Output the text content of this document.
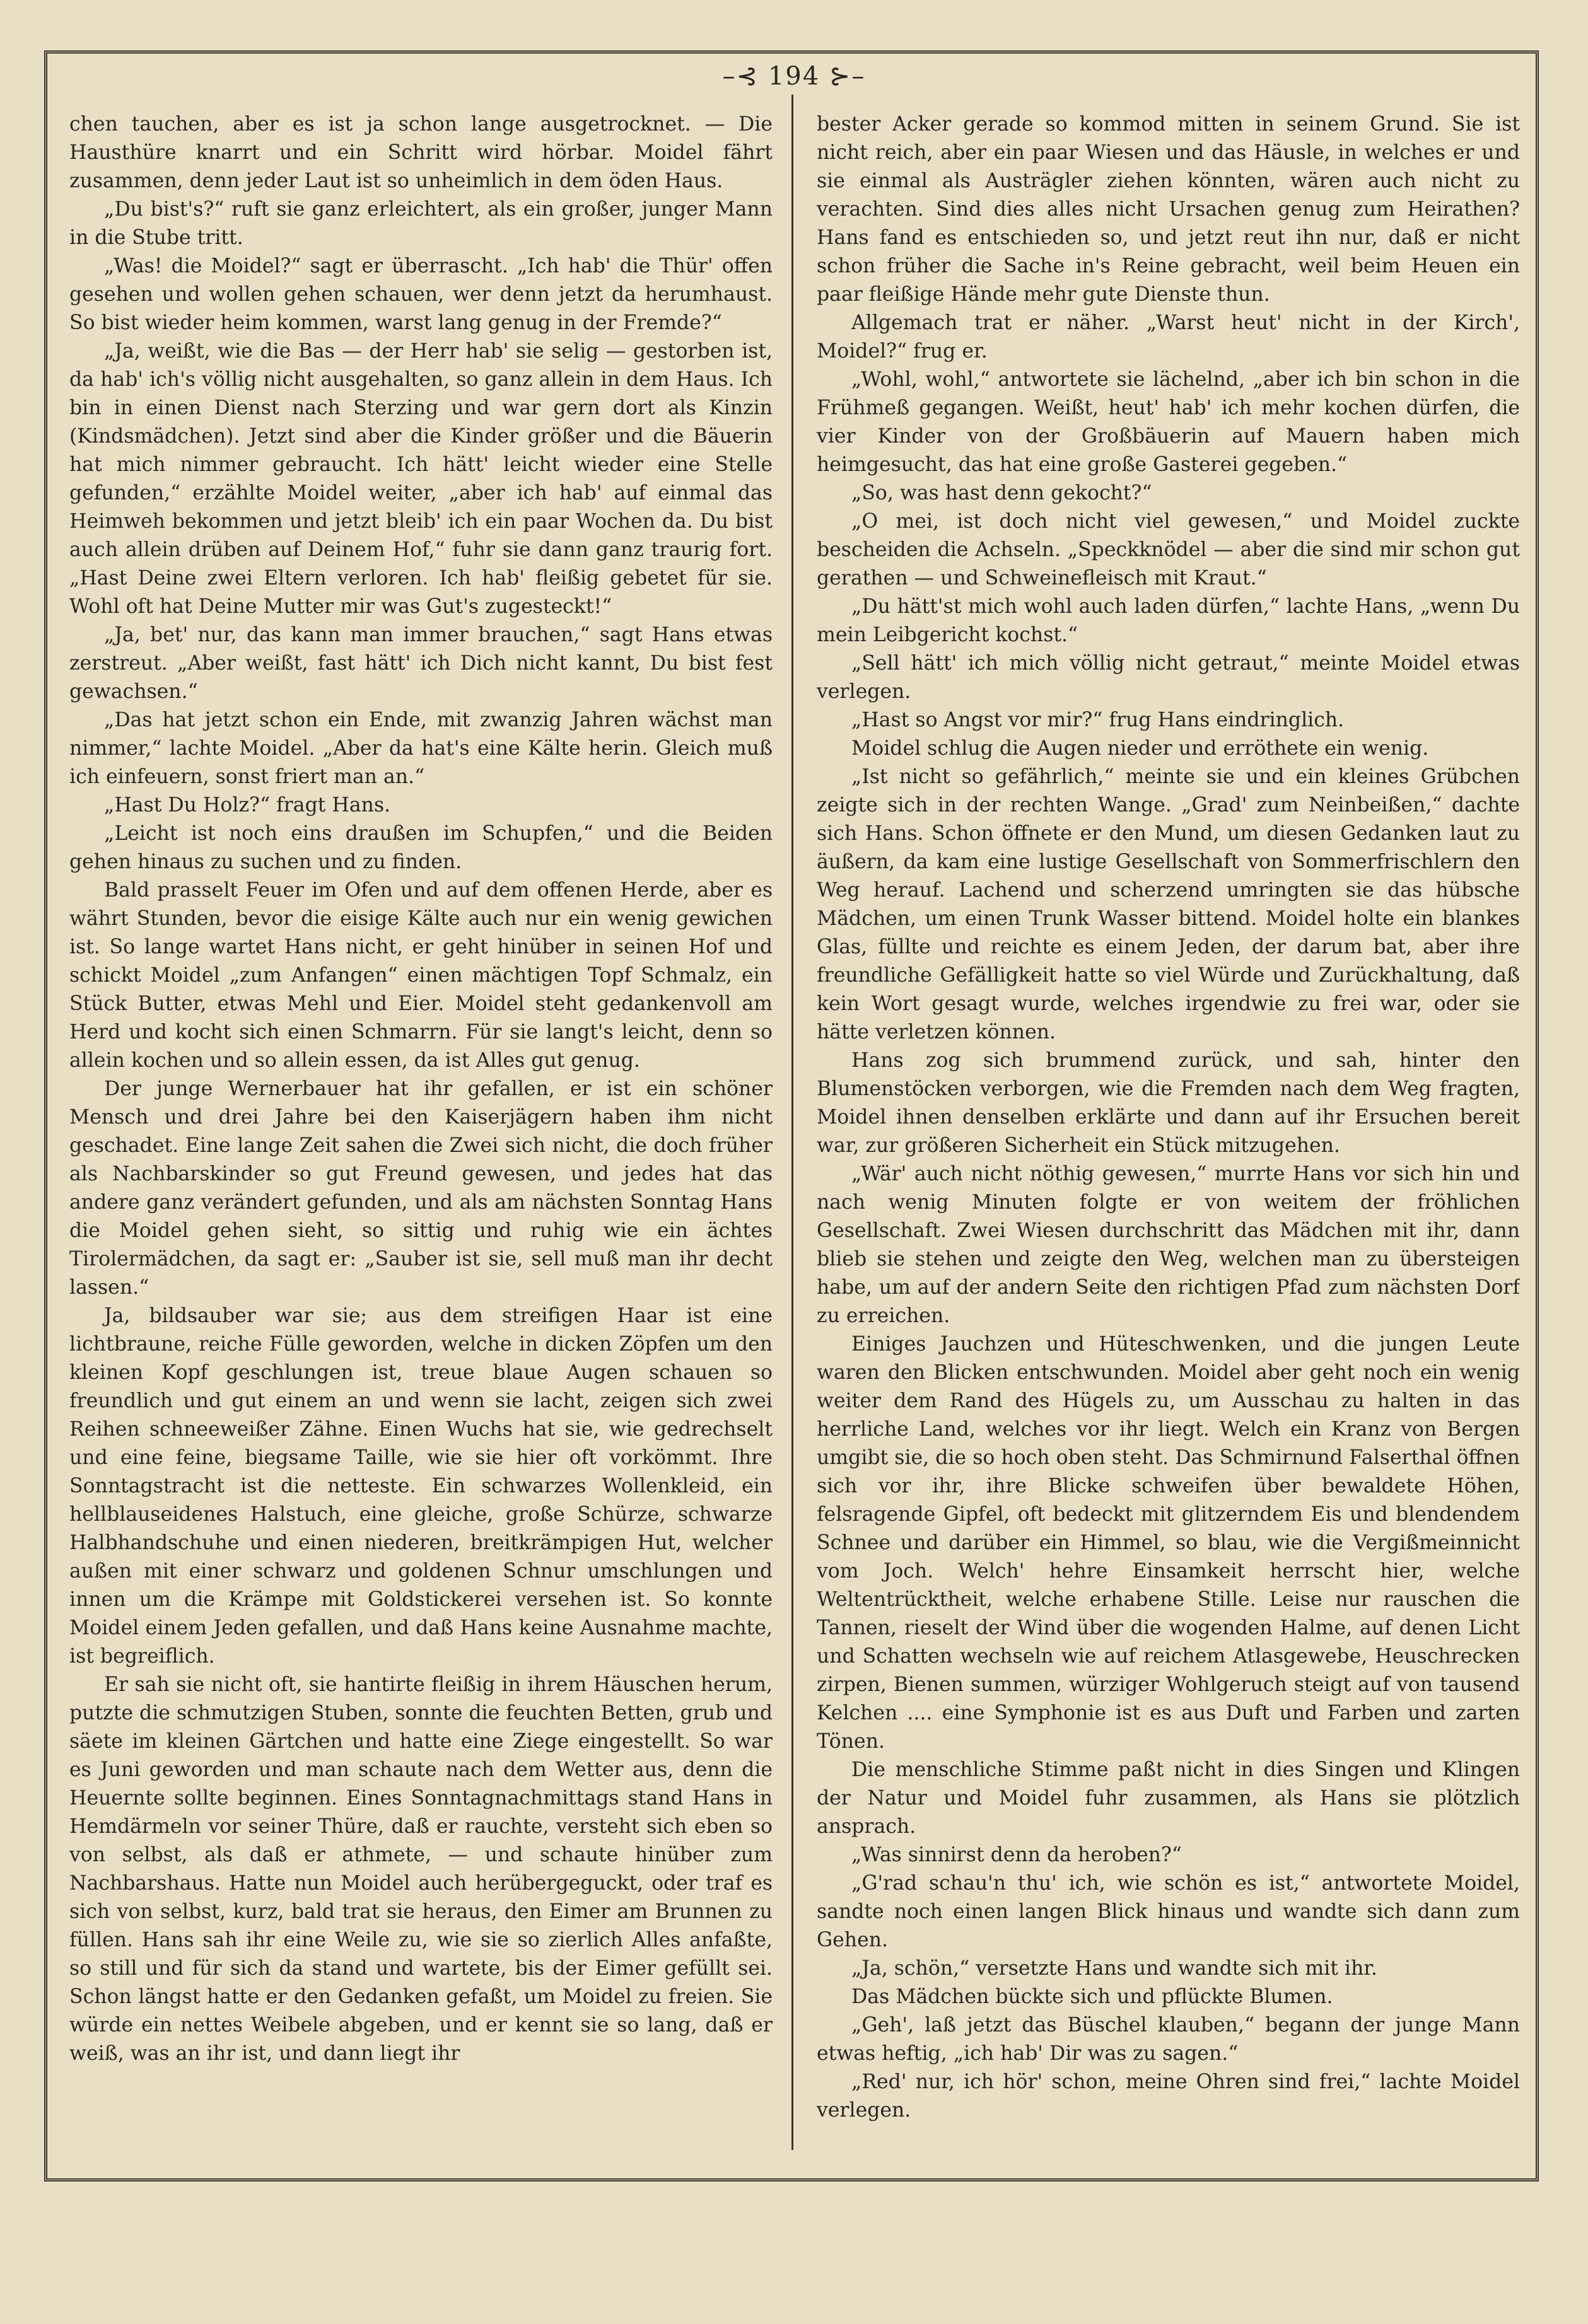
–⊰ 194 ⊱–

chen tauchen, aber es ist ja schon lange ausgetrocknet. — Die Hausthüre knarrt und ein Schritt wird hörbar. Moidel fährt zusammen, denn jeder Laut ist so unheimlich in dem öden Haus.

„Du bist's?“ ruft sie ganz erleichtert, als ein großer, junger Mann in die Stube tritt.

„Was! die Moidel?“ sagt er überrascht. „Ich hab' die Thür' offen gesehen und wollen gehen schauen, wer denn jetzt da herumhaust. So bist wieder heim kommen, warst lang genug in der Fremde?“

„Ja, weißt, wie die Bas — der Herr hab' sie selig — gestorben ist, da hab' ich's völlig nicht ausgehalten, so ganz allein in dem Haus. Ich bin in einen Dienst nach Sterzing und war gern dort als Kinzin (Kindsmädchen). Jetzt sind aber die Kinder größer und die Bäuerin hat mich nimmer gebraucht. Ich hätt' leicht wieder eine Stelle gefunden,“ erzählte Moidel weiter, „aber ich hab' auf einmal das Heimweh bekommen und jetzt bleib' ich ein paar Wochen da. Du bist auch allein drüben auf Deinem Hof,“ fuhr sie dann ganz traurig fort. „Hast Deine zwei Eltern verloren. Ich hab' fleißig gebetet für sie. Wohl oft hat Deine Mutter mir was Gut's zugesteckt!“

„Ja, bet' nur, das kann man immer brauchen,“ sagt Hans etwas zerstreut. „Aber weißt, fast hätt' ich Dich nicht kannt, Du bist fest gewachsen.“

„Das hat jetzt schon ein Ende, mit zwanzig Jahren wächst man nimmer,“ lachte Moidel. „Aber da hat's eine Kälte herin. Gleich muß ich einfeuern, sonst friert man an.“

„Hast Du Holz?“ fragt Hans.

„Leicht ist noch eins draußen im Schupfen,“ und die Beiden gehen hinaus zu suchen und zu finden.

Bald prasselt Feuer im Ofen und auf dem offenen Herde, aber es währt Stunden, bevor die eisige Kälte auch nur ein wenig gewichen ist. So lange wartet Hans nicht, er geht hinüber in seinen Hof und schickt Moidel „zum Anfangen“ einen mächtigen Topf Schmalz, ein Stück Butter, etwas Mehl und Eier. Moidel steht gedankenvoll am Herd und kocht sich einen Schmarrn. Für sie langt's leicht, denn so allein kochen und so allein essen, da ist Alles gut genug.

Der junge Wernerbauer hat ihr gefallen, er ist ein schöner Mensch und drei Jahre bei den Kaiserjägern haben ihm nicht geschadet. Eine lange Zeit sahen die Zwei sich nicht, die doch früher als Nachbarskinder so gut Freund gewesen, und jedes hat das andere ganz verändert gefunden, und als am nächsten Sonntag Hans die Moidel gehen sieht, so sittig und ruhig wie ein ächtes Tirolermädchen, da sagt er: „Sauber ist sie, sell muß man ihr decht lassen.“

Ja, bildsauber war sie; aus dem streifigen Haar ist eine lichtbraune, reiche Fülle geworden, welche in dicken Zöpfen um den kleinen Kopf geschlungen ist, treue blaue Augen schauen so freundlich und gut einem an und wenn sie lacht, zeigen sich zwei Reihen schneeweißer Zähne. Einen Wuchs hat sie, wie gedrechselt und eine feine, biegsame Taille, wie sie hier oft vorkömmt. Ihre Sonntagstracht ist die netteste. Ein schwarzes Wollenkleid, ein hellblauseidenes Halstuch, eine gleiche, große Schürze, schwarze Halbhandschuhe und einen niederen, breitkrämpigen Hut, welcher außen mit einer schwarz und goldenen Schnur umschlungen und innen um die Krämpe mit Goldstickerei versehen ist. So konnte Moidel einem Jeden gefallen, und daß Hans keine Ausnahme machte, ist begreiflich.

Er sah sie nicht oft, sie hantirte fleißig in ihrem Häuschen herum, putzte die schmutzigen Stuben, sonnte die feuchten Betten, grub und säete im kleinen Gärtchen und hatte eine Ziege eingestellt. So war es Juni geworden und man schaute nach dem Wetter aus, denn die Heuernte sollte beginnen. Eines Sonntagnachmittags stand Hans in Hemdärmeln vor seiner Thüre, daß er rauchte, versteht sich eben so von selbst, als daß er athmete, — und schaute hinüber zum Nachbarshaus. Hatte nun Moidel auch herübergeguckt, oder traf es sich von selbst, kurz, bald trat sie heraus, den Eimer am Brunnen zu füllen. Hans sah ihr eine Weile zu, wie sie so zierlich Alles anfaßte, so still und für sich da stand und wartete, bis der Eimer gefüllt sei. Schon längst hatte er den Gedanken gefaßt, um Moidel zu freien. Sie würde ein nettes Weibele abgeben, und er kennt sie so lang, daß er weiß, was an ihr ist, und dann liegt ihr

bester Acker gerade so kommod mitten in seinem Grund. Sie ist nicht reich, aber ein paar Wiesen und das Häusle, in welches er und sie einmal als Austrägler ziehen könnten, wären auch nicht zu verachten. Sind dies alles nicht Ursachen genug zum Heirathen? Hans fand es entschieden so, und jetzt reut ihn nur, daß er nicht schon früher die Sache in's Reine gebracht, weil beim Heuen ein paar fleißige Hände mehr gute Dienste thun.

Allgemach trat er näher. „Warst heut' nicht in der Kirch', Moidel?“ frug er.

„Wohl, wohl,“ antwortete sie lächelnd, „aber ich bin schon in die Frühmeß gegangen. Weißt, heut' hab' ich mehr kochen dürfen, die vier Kinder von der Großbäuerin auf Mauern haben mich heimgesucht, das hat eine große Gasterei gegeben.“

„So, was hast denn gekocht?“

„O mei, ist doch nicht viel gewesen,“ und Moidel zuckte bescheiden die Achseln. „Speckknödel — aber die sind mir schon gut gerathen — und Schweinefleisch mit Kraut.“

„Du hätt'st mich wohl auch laden dürfen,“ lachte Hans, „wenn Du mein Leibgericht kochst.“

„Sell hätt' ich mich völlig nicht getraut,“ meinte Moidel etwas verlegen.

„Hast so Angst vor mir?“ frug Hans eindringlich.

Moidel schlug die Augen nieder und erröthete ein wenig.

„Ist nicht so gefährlich,“ meinte sie und ein kleines Grübchen zeigte sich in der rechten Wange. „Grad' zum Neinbeißen,“ dachte sich Hans. Schon öffnete er den Mund, um diesen Gedanken laut zu äußern, da kam eine lustige Gesellschaft von Sommerfrischlern den Weg herauf. Lachend und scherzend umringten sie das hübsche Mädchen, um einen Trunk Wasser bittend. Moidel holte ein blankes Glas, füllte und reichte es einem Jeden, der darum bat, aber ihre freundliche Gefälligkeit hatte so viel Würde und Zurückhaltung, daß kein Wort gesagt wurde, welches irgendwie zu frei war, oder sie hätte verletzen können.

Hans zog sich brummend zurück, und sah, hinter den Blumenstöcken verborgen, wie die Fremden nach dem Weg fragten, Moidel ihnen denselben erklärte und dann auf ihr Ersuchen bereit war, zur größeren Sicherheit ein Stück mitzugehen.

„Wär' auch nicht nöthig gewesen,“ murrte Hans vor sich hin und nach wenig Minuten folgte er von weitem der fröhlichen Gesellschaft. Zwei Wiesen durchschritt das Mädchen mit ihr, dann blieb sie stehen und zeigte den Weg, welchen man zu übersteigen habe, um auf der andern Seite den richtigen Pfad zum nächsten Dorf zu erreichen.

Einiges Jauchzen und Hüteschwenken, und die jungen Leute waren den Blicken entschwunden. Moidel aber geht noch ein wenig weiter dem Rand des Hügels zu, um Ausschau zu halten in das herrliche Land, welches vor ihr liegt. Welch ein Kranz von Bergen umgibt sie, die so hoch oben steht. Das Schmirnund Falserthal öffnen sich vor ihr, ihre Blicke schweifen über bewaldete Höhen, felsragende Gipfel, oft bedeckt mit glitzerndem Eis und blendendem Schnee und darüber ein Himmel, so blau, wie die Vergißmeinnicht vom Joch. Welch' hehre Einsamkeit herrscht hier, welche Weltentrücktheit, welche erhabene Stille. Leise nur rauschen die Tannen, rieselt der Wind über die wogenden Halme, auf denen Licht und Schatten wechseln wie auf reichem Atlasgewebe, Heuschrecken zirpen, Bienen summen, würziger Wohlgeruch steigt auf von tausend Kelchen .... eine Symphonie ist es aus Duft und Farben und zarten Tönen.

Die menschliche Stimme paßt nicht in dies Singen und Klingen der Natur und Moidel fuhr zusammen, als Hans sie plötzlich ansprach.

„Was sinnirst denn da heroben?“

„G'rad schau'n thu' ich, wie schön es ist,“ antwortete Moidel, sandte noch einen langen Blick hinaus und wandte sich dann zum Gehen.

„Ja, schön,“ versetzte Hans und wandte sich mit ihr.

Das Mädchen bückte sich und pflückte Blumen.

„Geh', laß jetzt das Büschel klauben,“ begann der junge Mann etwas heftig, „ich hab' Dir was zu sagen.“

„Red' nur, ich hör' schon, meine Ohren sind frei,“ lachte Moidel verlegen.
